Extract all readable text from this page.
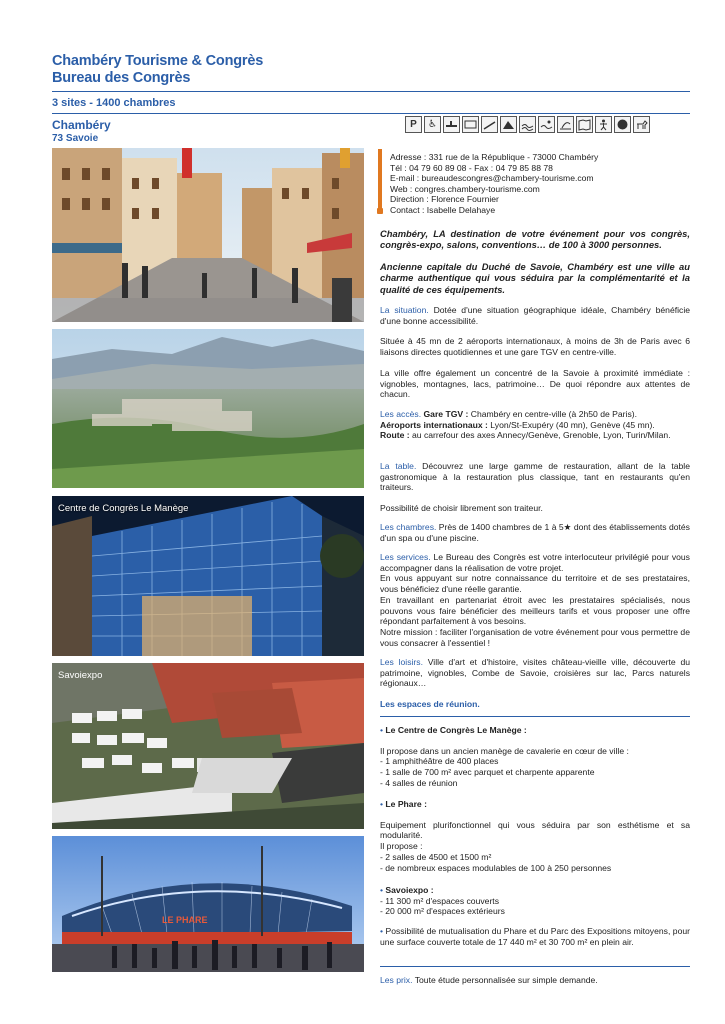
Chambéry Tourisme & Congrès
Bureau des Congrès
3 sites - 1400 chambres
Chambéry
73 Savoie
P	♿
Centre de Congrès Le Manège
Savoiexpo
LE PHARE
Adresse : 331 rue de la République - 73000 Chambéry
Tél : 04 79 60 89 08 - Fax : 04 79 85 88 78
E-mail : bureaudescongres@chambery-tourisme.com
Web : congres.chambery-tourisme.com
Direction : Florence Fournier
Contact : Isabelle Delahaye

Chambéry, LA destination de votre événement pour vos congrès, congrès-expo, salons, conventions… de 100 à 3000 personnes.

Ancienne capitale du Duché de Savoie, Chambéry est une ville au charme authentique qui vous séduira par la complémentarité et la qualité de ces équipements.

La situation. Dotée d'une situation géographique idéale, Chambéry bénéficie d'une bonne accessibilité.

Située à 45 mn de 2 aéroports internationaux, à moins de 3h de Paris avec 6 liaisons directes quotidiennes et une gare TGV en centre-ville.

La ville offre également un concentré de la Savoie à proximité immédiate : vignobles, montagnes, lacs, patrimoine… De quoi répondre aux attentes de chacun.

Les accès. Gare TGV : Chambéry en centre-ville (à 2h50 de Paris).

Aéroports internationaux : Lyon/St-Exupéry (40 mn), Genève (45 mn).

Route : au carrefour des axes Annecy/Genève, Grenoble, Lyon, Turin/Milan.

La table. Découvrez une large gamme de restauration, allant de la table gastronomique à la restauration plus classique, tant en restaurants qu'en traiteurs.

Possibilité de choisir librement son traiteur.

Les chambres. Près de 1400 chambres de 1 à 5★ dont des établissements dotés d'un spa ou d'une piscine.

Les services. Le Bureau des Congrès est votre interlocuteur privilégié pour vous accompagner dans la réalisation de votre projet.

En vous appuyant sur notre connaissance du territoire et de ses prestataires, vous bénéficiez d'une réelle garantie.

En travaillant en partenariat étroit avec les prestataires spécialisés, nous pouvons vous faire bénéficier des meilleurs tarifs et vous proposer une offre répondant parfaitement à vos besoins.

Notre mission : faciliter l'organisation de votre événement pour vous permettre de vous consacrer à l'essentiel !

Les loisirs. Ville d'art et d'histoire, visites château-vieille ville, découverte du patrimoine, vignobles, Combe de Savoie, croisières sur lac, Parcs naturels régionaux…

Les espaces de réunion.

• Le Centre de Congrès Le Manège :

Il propose dans un ancien manège de cavalerie en cœur de ville :

- 1 amphithéâtre de 400 places

- 1 salle de 700 m² avec parquet et charpente apparente

- 4 salles de réunion

• Le Phare :

Equipement plurifonctionnel qui vous séduira par son esthétisme et sa modularité.

Il propose :

- 2 salles de 4500 et 1500 m²

- de nombreux espaces modulables de 100 à 250 personnes

• Savoiexpo :

- 11 300 m² d'espaces couverts

- 20 000 m² d'espaces extérieurs

• Possibilité de mutualisation du Phare et du Parc des Expositions mitoyens, pour une surface couverte totale de 17 440 m² et 30 700 m² en plein air.

Les prix. Toute étude personnalisée sur simple demande.
